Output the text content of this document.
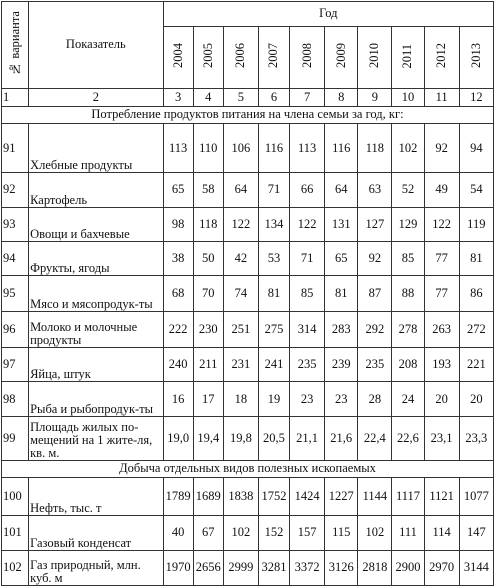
№ варианта	Показатель	Год									
		2004	2005	2006	2007	2008	2009	2010	2011	2012	2013
1	2	3	4	5	6	7	8	9	10	11	12
Потребление продуктов питания на члена семьи за год, кг:											
91	Хлебные продукты	113	110	106	116	113	116	118	102	92	94
92	Картофель	65	58	64	71	66	64	63	52	49	54
93	Овощи и бахчевые	98	118	122	134	122	131	127	129	122	119
94	Фрукты, ягоды	38	50	42	53	71	65	92	85	77	81
95	Мясо и мясопродук-ты	68	70	74	81	85	81	87	88	77	86
96	Молоко и молочные продукты	222	230	251	275	314	283	292	278	263	272
97	Яйца, штук	240	211	231	241	235	239	235	208	193	221
98	Рыба и рыбопродук-ты	16	17	18	19	23	23	28	24	20	20
99	Площадь жилых по-мещений на 1 жите-ля, кв. м.	19,0	19,4	19,8	20,5	21,1	21,6	22,4	22,6	23,1	23,3
Добыча отдельных видов полезных ископаемых											
100	Нефть, тыс. т	1789	1689	1838	1752	1424	1227	1144	1117	1121	1077
101	Газовый конденсат	40	67	102	152	157	115	102	111	114	147
102	Газ природный, млн. куб. м	1970	2656	2999	3281	3372	3126	2818	2900	2970	3144
